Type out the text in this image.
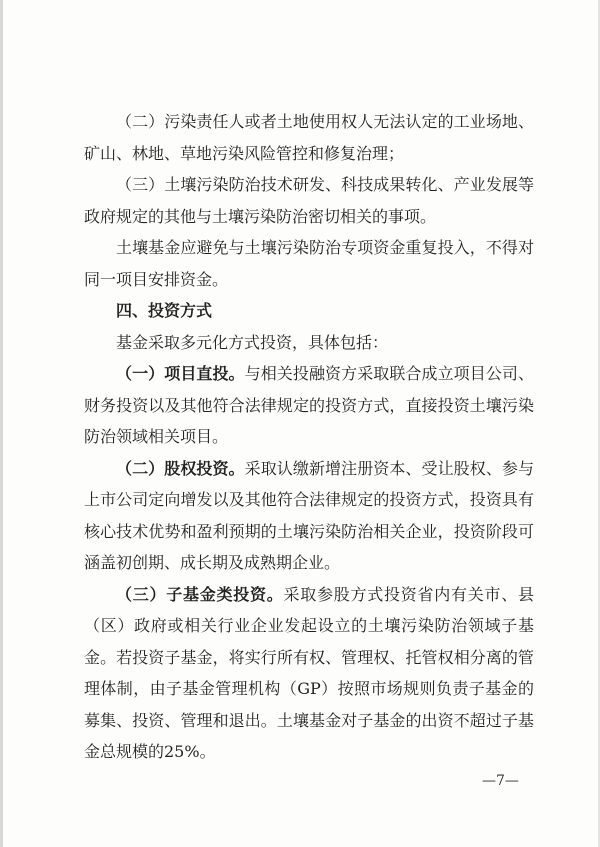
（二）污染责任人或者土地使用权人无法认定的工业场地、矿山、林地、草地污染风险管控和修复治理；

（三）土壤污染防治技术研发、科技成果转化、产业发展等政府规定的其他与土壤污染防治密切相关的事项。

土壤基金应避免与土壤污染防治专项资金重复投入，不得对同一项目安排资金。

四、投资方式

基金采取多元化方式投资，具体包括：

（一）项目直投。与相关投融资方采取联合成立项目公司、财务投资以及其他符合法律规定的投资方式，直接投资土壤污染防治领域相关项目。

（二）股权投资。采取认缴新增注册资本、受让股权、参与上市公司定向增发以及其他符合法律规定的投资方式，投资具有核心技术优势和盈利预期的土壤污染防治相关企业，投资阶段可涵盖初创期、成长期及成熟期企业。

（三）子基金类投资。采取参股方式投资省内有关市、县（区）政府或相关行业企业发起设立的土壤污染防治领域子基金。若投资子基金，将实行所有权、管理权、托管权相分离的管理体制，由子基金管理机构（GP）按照市场规则负责子基金的募集、投资、管理和退出。土壤基金对子基金的出资不超过子基金总规模的25%。

—7—
